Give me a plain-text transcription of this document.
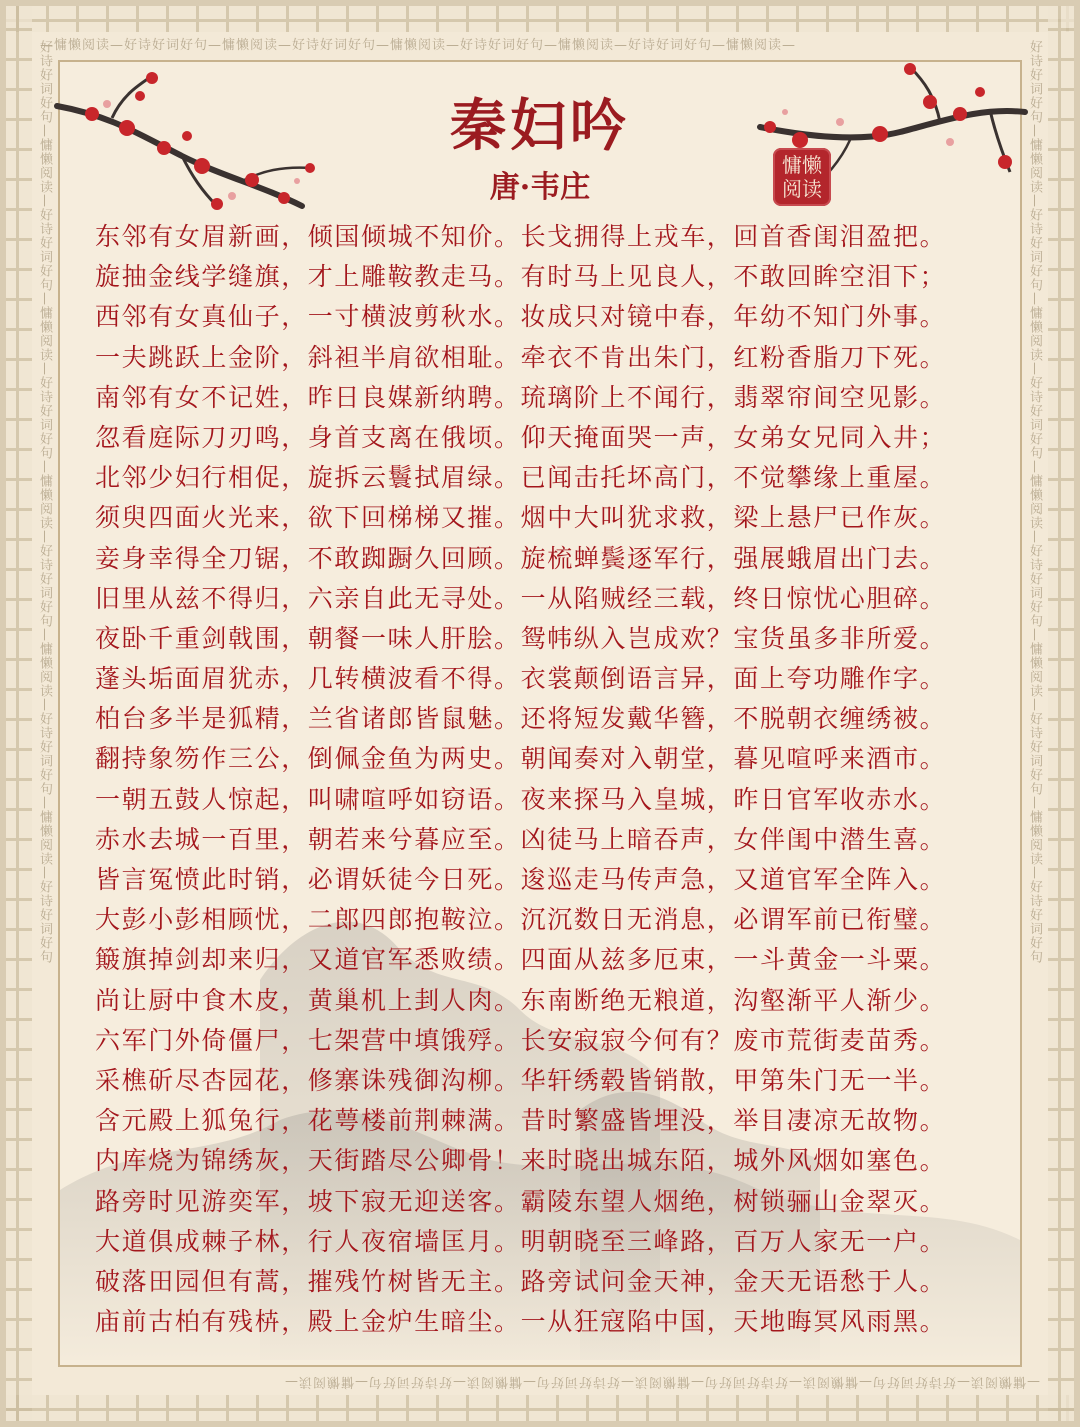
—慵懒阅读—好诗好词好句—慵懒阅读—好诗好词好句—慵懒阅读—好诗好词好句—慵懒阅读—好诗好词好句—慵懒阅读—
—慵懒阅读—好诗好词好句—慵懒阅读—好诗好词好句—慵懒阅读—好诗好词好句—慵懒阅读—好诗好词好句—慵懒阅读—
好诗好词好句—慵懒阅读—好诗好词好句—慵懒阅读—好诗好词好句—慵懒阅读—好诗好词好句—慵懒阅读—好诗好词好句—慵懒阅读—好诗好词好句	好诗好词好句—慵懒阅读—好诗好词好句—慵懒阅读—好诗好词好句—慵懒阅读—好诗好词好句—慵懒阅读—好诗好词好句—慵懒阅读—好诗好词好句
秦妇吟
唐·韦庄
慵懒
阅读
东邻有女眉新画，倾国倾城不知价。长戈拥得上戎车，回首香闺泪盈把。
旋抽金线学缝旗，才上雕鞍教走马。有时马上见良人，不敢回眸空泪下；
西邻有女真仙子，一寸横波剪秋水。妆成只对镜中春，年幼不知门外事。
一夫跳跃上金阶，斜袒半肩欲相耻。牵衣不肯出朱门，红粉香脂刀下死。
南邻有女不记姓，昨日良媒新纳聘。琉璃阶上不闻行，翡翠帘间空见影。
忽看庭际刀刃鸣，身首支离在俄顷。仰天掩面哭一声，女弟女兄同入井；
北邻少妇行相促，旋拆云鬟拭眉绿。已闻击托坏高门，不觉攀缘上重屋。
须臾四面火光来，欲下回梯梯又摧。烟中大叫犹求救，梁上悬尸已作灰。
妾身幸得全刀锯，不敢踟蹰久回顾。旋梳蝉鬓逐军行，强展蛾眉出门去。
旧里从兹不得归，六亲自此无寻处。一从陷贼经三载，终日惊忧心胆碎。
夜卧千重剑戟围，朝餐一味人肝脍。鸳帏纵入岂成欢？宝货虽多非所爱。
蓬头垢面眉犹赤，几转横波看不得。衣裳颠倒语言异，面上夸功雕作字。
柏台多半是狐精，兰省诸郎皆鼠魅。还将短发戴华簪，不脱朝衣缠绣被。
翻持象笏作三公，倒佩金鱼为两史。朝闻奏对入朝堂，暮见喧呼来酒市。
一朝五鼓人惊起，叫啸喧呼如窃语。夜来探马入皇城，昨日官军收赤水。
赤水去城一百里，朝若来兮暮应至。凶徒马上暗吞声，女伴闺中潜生喜。
皆言冤愤此时销，必谓妖徒今日死。逡巡走马传声急，又道官军全阵入。
大彭小彭相顾忧，二郎四郎抱鞍泣。沉沉数日无消息，必谓军前已衔璧。
簸旗掉剑却来归，又道官军悉败绩。四面从兹多厄束，一斗黄金一斗粟。
尚让厨中食木皮，黄巢机上刲人肉。东南断绝无粮道，沟壑渐平人渐少。
六军门外倚僵尸，七架营中填饿殍。长安寂寂今何有？废市荒街麦苗秀。
采樵斫尽杏园花，修寨诛残御沟柳。华轩绣毂皆销散，甲第朱门无一半。
含元殿上狐兔行，花萼楼前荆棘满。昔时繁盛皆埋没，举目凄凉无故物。
内库烧为锦绣灰，天街踏尽公卿骨！来时晓出城东陌，城外风烟如塞色。
路旁时见游奕军，坡下寂无迎送客。霸陵东望人烟绝，树锁骊山金翠灭。
大道俱成棘子林，行人夜宿墙匡月。明朝晓至三峰路，百万人家无一户。
破落田园但有蒿，摧残竹树皆无主。路旁试问金天神，金天无语愁于人。
庙前古柏有残枿，殿上金炉生暗尘。一从狂寇陷中国，天地晦冥风雨黑。
